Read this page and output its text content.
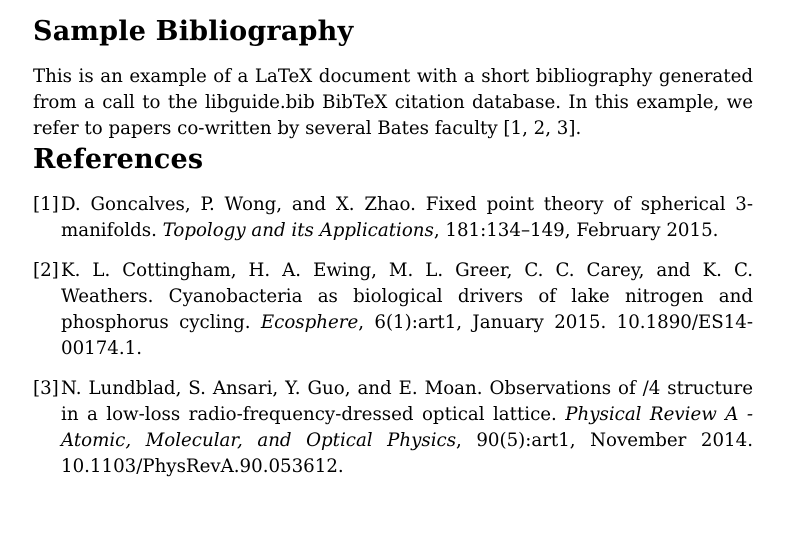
Sample Bibliography

This is an example of a LaTeX document with a short bibliography generated from a call to the libguide.bib BibTeX citation database. In this example, we refer to papers co-written by several Bates faculty [1, 2, 3].

References
[1] D. Goncalves, P. Wong, and X. Zhao. Fixed point theory of spherical 3-manifolds. Topology and its Applications, 181:134–149, February 2015.
[2] K. L. Cottingham, H. A. Ewing, M. L. Greer, C. C. Carey, and K. C. Weathers. Cyanobacteria as biological drivers of lake nitrogen and phosphorus cycling. Ecosphere, 6(1):art1, January 2015. 10.1890/ES14-00174.1.
[3] N. Lundblad, S. Ansari, Y. Guo, and E. Moan. Observations of /4 structure in a low-loss radio-frequency-dressed optical lattice. Physical Review A - Atomic, Molecular, and Optical Physics, 90(5):art1, November 2014. 10.1103/PhysRevA.90.053612.
